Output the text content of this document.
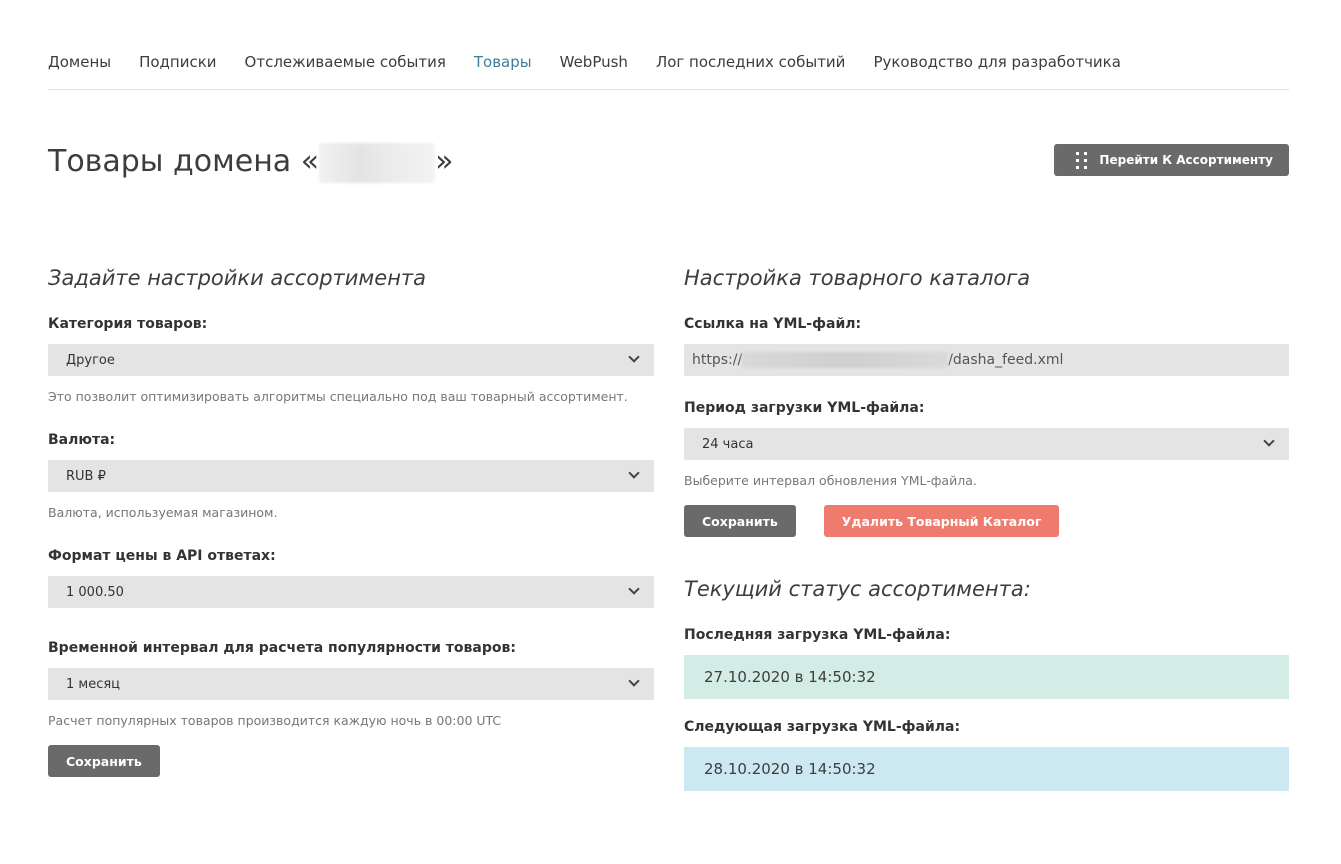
Домены Подписки Отслеживаемые события Товары WebPush Лог последних событий Руководство для разработчика
Товары домена «	»	Перейти К Ассортименту
Задайте настройки ассортимента
Категория товаров:
Другое
Это позволит оптимизировать алгоритмы специально под ваш товарный ассортимент.
Валюта:
RUB ₽
Валюта, используемая магазином.
Формат цены в API ответах:
1 000.50
Временной интервал для расчета популярности товаров:
1 месяц
Расчет популярных товаров производится каждую ночь в 00:00 UTC
Сохранить
Настройка товарного каталога
Ссылка на YML-файл:
https://	/dasha_feed.xml
Период загрузки YML-файла:
24 часа
Выберите интервал обновления YML-файла.
Сохранить	Удалить Товарный Каталог
Текущий статус ассортимента:
Последняя загрузка YML-файла:
27.10.2020 в 14:50:32
Следующая загрузка YML-файла:
28.10.2020 в 14:50:32
